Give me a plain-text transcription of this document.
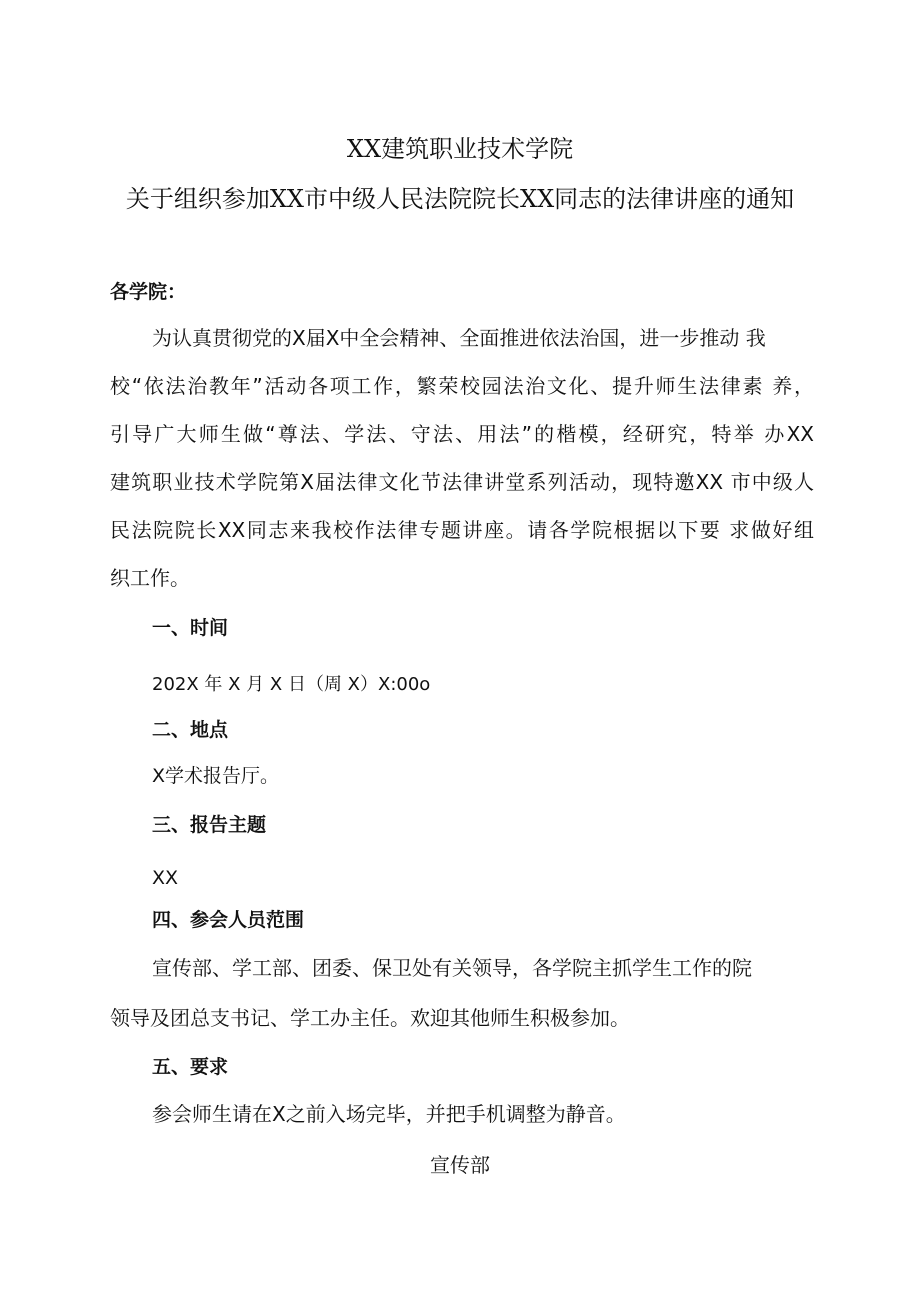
XX建筑职业技术学院
关于组织参加XX市中级人民法院院长XX同志的法律讲座的通知
各学院：
为认真贯彻党的X届X中全会精神、全面推进依法治国，进一步推动 我
校“依法治教年”活动各项工作，繁荣校园法治文化、提升师生法律素 养，
引导广大师生做“尊法、学法、守法、用法”的楷模，经研究，特举 办XX
建筑职业技术学院第X届法律文化节法律讲堂系列活动，现特邀XX 市中级人
民法院院长XX同志来我校作法律专题讲座。请各学院根据以下要 求做好组
织工作。
一、时间
202X 年 X 月 X 日（周 X）X:00o
二、地点
X学术报告厅。
三、报告主题
XX
四、参会人员范围
宣传部、学工部、团委、保卫处有关领导，各学院主抓学生工作的院
领导及团总支书记、学工办主任。欢迎其他师生积极参加。
五、要求
参会师生请在X之前入场完毕，并把手机调整为静音。
宣传部
